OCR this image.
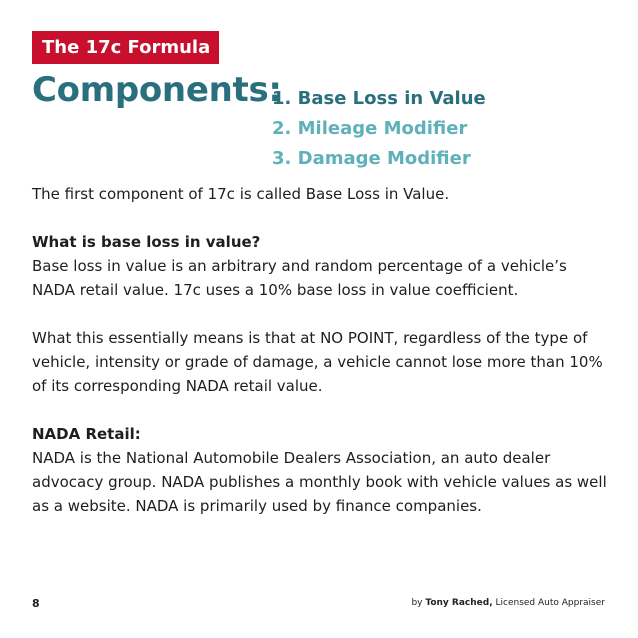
The 17c Formula
Components:
1. Base Loss in Value
2. Mileage Modifier
3. Damage Modifier

The first component of 17c is called Base Loss in Value.

What is base loss in value?
Base loss in value is an arbitrary and random percentage of a vehicle’s NADA retail value. 17c uses a 10% base loss in value coefficient.

What this essentially means is that at NO POINT, regardless of the type of vehicle, intensity or grade of damage, a vehicle cannot lose more than 10% of its corresponding NADA retail value.

NADA Retail:
NADA is the National Automobile Dealers Association, an auto dealer advocacy group. NADA publishes a monthly book with vehicle values as well as a website. NADA is primarily used by finance companies.

8	by Tony Rached, Licensed Auto Appraiser
